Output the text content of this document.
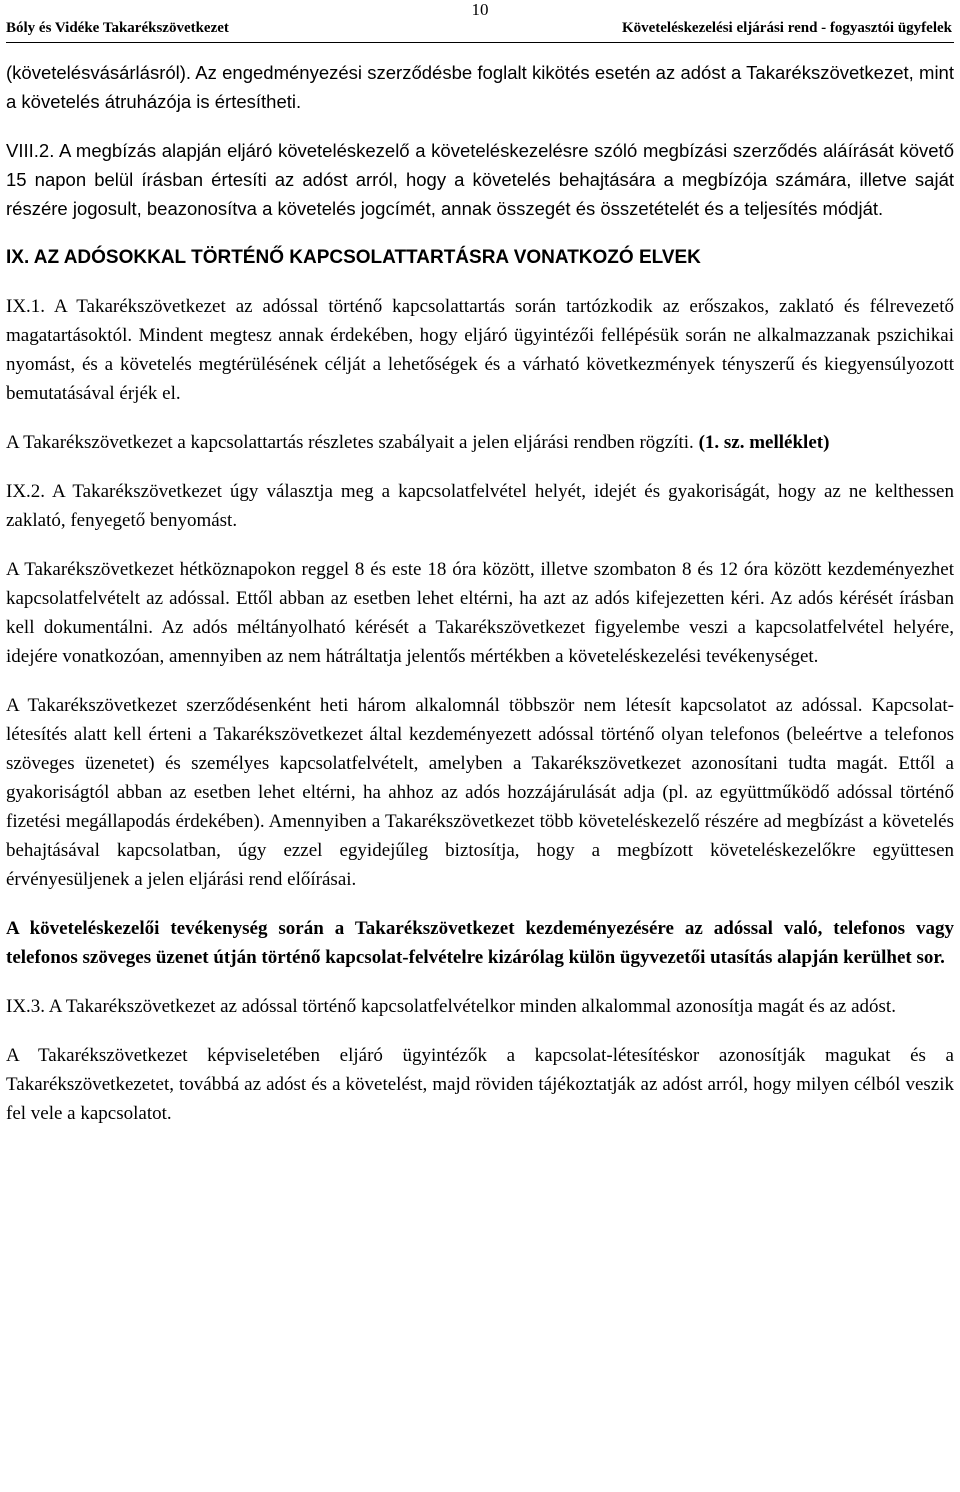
10
Bóly és Vidéke Takarékszövetkezet	Követeléskezelési eljárási rend - fogyasztói ügyfelek

(követelésvásárlásról). Az engedményezési szerződésbe foglalt kikötés esetén az adóst a Takarékszövetkezet, mint a követelés átruházója is értesítheti.

VIII.2. A megbízás alapján eljáró követeléskezelő a követeléskezelésre szóló megbízási szerződés aláírását követő 15 napon belül írásban értesíti az adóst arról, hogy a követelés behajtására a megbízója számára, illetve saját részére jogosult, beazonosítva a követelés jogcímét, annak összegét és összetételét és a teljesítés módját.

IX. AZ ADÓSOKKAL TÖRTÉNŐ KAPCSOLATTARTÁSRA VONATKOZÓ ELVEK

IX.1. A Takarékszövetkezet az adóssal történő kapcsolattartás során tartózkodik az erőszakos, zaklató és félrevezető magatartásoktól. Mindent megtesz annak érdekében, hogy eljáró ügyintézői fellépésük során ne alkalmazzanak pszichikai nyomást, és a követelés megtérülésének célját a lehetőségek és a várható következmények tényszerű és kiegyensúlyozott bemutatásával érjék el.

A Takarékszövetkezet a kapcsolattartás részletes szabályait a jelen eljárási rendben rögzíti. (1. sz. melléklet)

IX.2. A Takarékszövetkezet úgy választja meg a kapcsolatfelvétel helyét, idejét és gyakoriságát, hogy az ne kelthessen zaklató, fenyegető benyomást.

A Takarékszövetkezet hétköznapokon reggel 8 és este 18 óra között, illetve szombaton 8 és 12 óra között kezdeményezhet kapcsolatfelvételt az adóssal. Ettől abban az esetben lehet eltérni, ha azt az adós kifejezetten kéri. Az adós kérését írásban kell dokumentálni. Az adós méltányolható kérését a Takarékszövetkezet figyelembe veszi a kapcsolatfelvétel helyére, idejére vonatkozóan, amennyiben az nem hátráltatja jelentős mértékben a követeléskezelési tevékenységet.

A Takarékszövetkezet szerződésenként heti három alkalomnál többször nem létesít kapcsolatot az adóssal. Kapcsolat-létesítés alatt kell érteni a Takarékszövetkezet által kezdeményezett adóssal történő olyan telefonos (beleértve a telefonos szöveges üzenetet) és személyes kapcsolatfelvételt, amelyben a Takarékszövetkezet azonosítani tudta magát. Ettől a gyakoriságtól abban az esetben lehet eltérni, ha ahhoz az adós hozzájárulását adja (pl. az együttműködő adóssal történő fizetési megállapodás érdekében). Amennyiben a Takarékszövetkezet több követeléskezelő részére ad megbízást a követelés behajtásával kapcsolatban, úgy ezzel egyidejűleg biztosítja, hogy a megbízott követeléskezelőkre együttesen érvényesüljenek a jelen eljárási rend előírásai.

A követeléskezelői tevékenység során a Takarékszövetkezet kezdeményezésére az adóssal való, telefonos vagy telefonos szöveges üzenet útján történő kapcsolat-felvételre kizárólag külön ügyvezetői utasítás alapján kerülhet sor.

IX.3. A Takarékszövetkezet az adóssal történő kapcsolatfelvételkor minden alkalommal azonosítja magát és az adóst.

A Takarékszövetkezet képviseletében eljáró ügyintézők a kapcsolat-létesítéskor azonosítják magukat és a Takarékszövetkezetet, továbbá az adóst és a követelést, majd röviden tájékoztatják az adóst arról, hogy milyen célból veszik fel vele a kapcsolatot.
